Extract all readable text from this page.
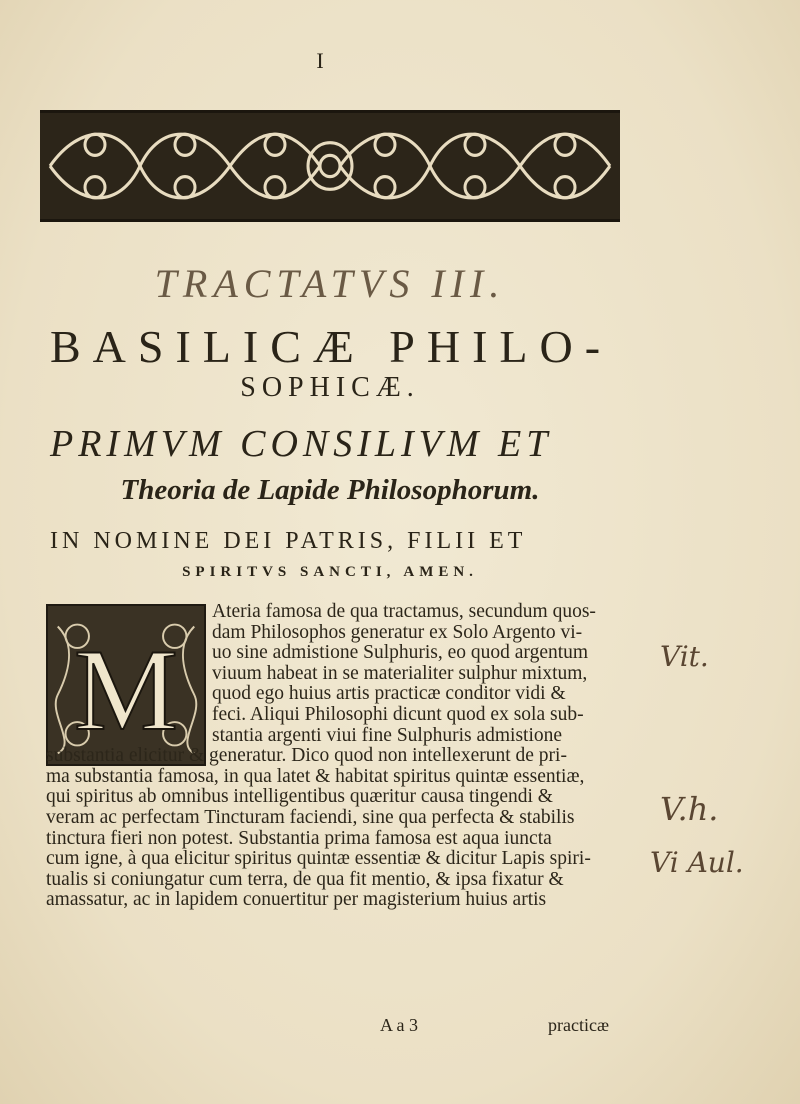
I
TRACTATVS III.
BASILICÆ PHILO-
SOPHICÆ.
PRIMVM CONSILIVM ET
Theoria de Lapide Philosophorum.
IN NOMINE DEI PATRIS, FILII ET
SPIRITVS SANCTI, AMEN.
M
Ateria famosa de qua tractamus, secundum quos-
dam Philosophos generatur ex Solo Argento vi-
uo sine admistione Sulphuris, eo quod argentum
viuum habeat in se materialiter sulphur mixtum,
quod ego huius artis practicæ conditor vidi &
feci. Aliqui Philosophi dicunt quod ex sola sub-
stantia argenti viui fine Sulphuris admistione
substantia elicitur & generatur. Dico quod non intellexerunt de pri-
ma substantia famosa, in qua latet & habitat spiritus quintæ essentiæ,
qui spiritus ab omnibus intelligentibus quæritur causa tingendi &
veram ac perfectam Tincturam faciendi, sine qua perfecta & stabilis
tinctura fieri non potest. Substantia prima famosa est aqua iuncta
cum igne, à qua elicitur spiritus quintæ essentiæ & dicitur Lapis spiri-
tualis si coniungatur cum terra, de qua fit mentio, & ipsa fixatur &
amassatur, ac in lapidem conuertitur per magisterium huius artis
A a 3	practicæ
Vit.
V.h.
Vi Aul.
